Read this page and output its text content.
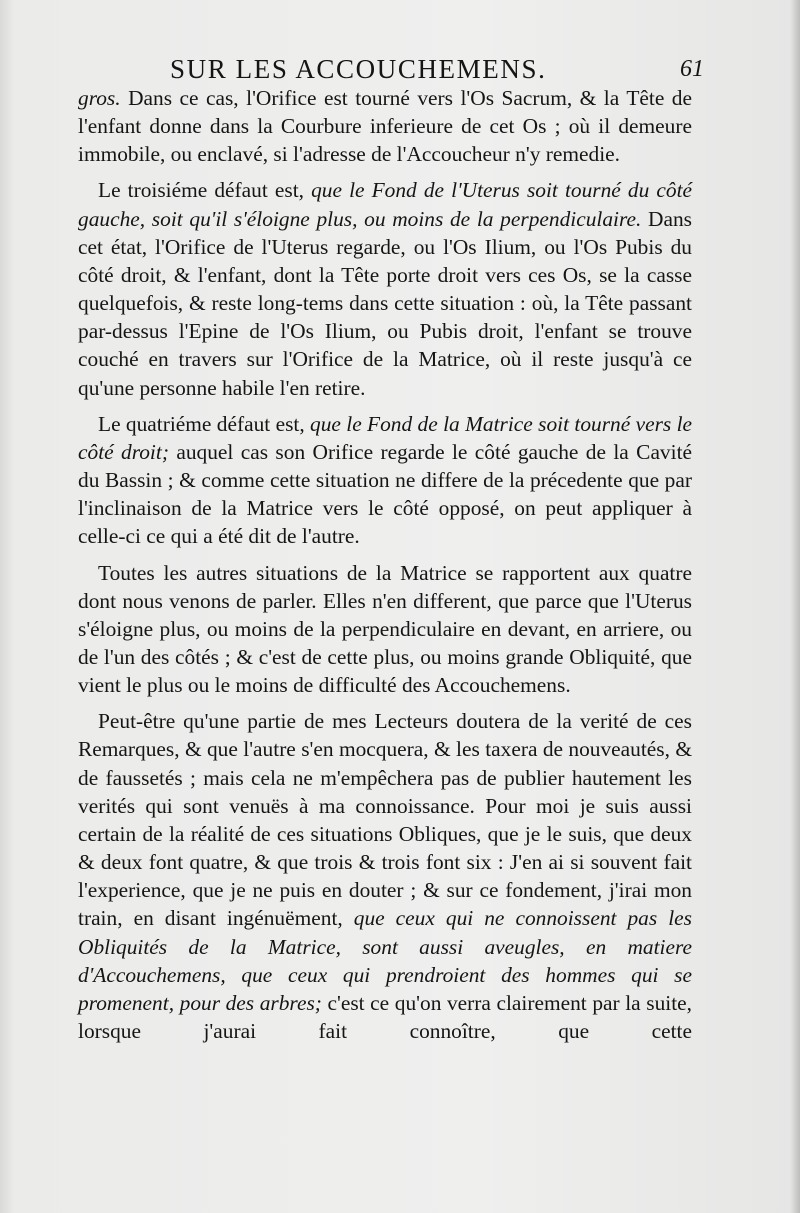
SUR LES ACCOUCHEMENS.	61

gros. Dans ce cas, l'Orifice est tourné vers l'Os Sacrum, & la Tête de l'enfant donne dans la Courbure inferieure de cet Os ; où il demeure immobile, ou enclavé, si l'adresse de l'Accoucheur n'y remedie.

Le troisiéme défaut est, que le Fond de l'Uterus soit tourné du côté gauche, soit qu'il s'éloigne plus, ou moins de la perpendiculaire. Dans cet état, l'Orifice de l'Uterus regarde, ou l'Os Ilium, ou l'Os Pubis du côté droit, & l'enfant, dont la Tête porte droit vers ces Os, se la casse quelquefois, & reste long-tems dans cette situation : où, la Tête passant par-dessus l'Epine de l'Os Ilium, ou Pubis droit, l'enfant se trouve couché en travers sur l'Orifice de la Matrice, où il reste jusqu'à ce qu'une personne habile l'en retire.

Le quatriéme défaut est, que le Fond de la Matrice soit tourné vers le côté droit; auquel cas son Orifice regarde le côté gauche de la Cavité du Bassin ; & comme cette situation ne differe de la précedente que par l'inclinaison de la Matrice vers le côté opposé, on peut appliquer à celle-ci ce qui a été dit de l'autre.

Toutes les autres situations de la Matrice se rapportent aux quatre dont nous venons de parler. Elles n'en different, que parce que l'Uterus s'éloigne plus, ou moins de la perpendiculaire en devant, en arriere, ou de l'un des côtés ; & c'est de cette plus, ou moins grande Obliquité, que vient le plus ou le moins de difficulté des Accouchemens.

Peut-être qu'une partie de mes Lecteurs doutera de la verité de ces Remarques, & que l'autre s'en mocquera, & les taxera de nouveautés, & de faussetés ; mais cela ne m'empêchera pas de publier hautement les verités qui sont venuës à ma connoissance. Pour moi je suis aussi certain de la réalité de ces situations Obliques, que je le suis, que deux & deux font quatre, & que trois & trois font six : J'en ai si souvent fait l'experience, que je ne puis en douter ; & sur ce fondement, j'irai mon train, en disant ingénuëment, que ceux qui ne connoissent pas les Obliquités de la Matrice, sont aussi aveugles, en matiere d'Accouchemens, que ceux qui prendroient des hommes qui se promenent, pour des arbres; c'est ce qu'on verra clairement par la suite, lorsque j'aurai fait connoître, que cette
